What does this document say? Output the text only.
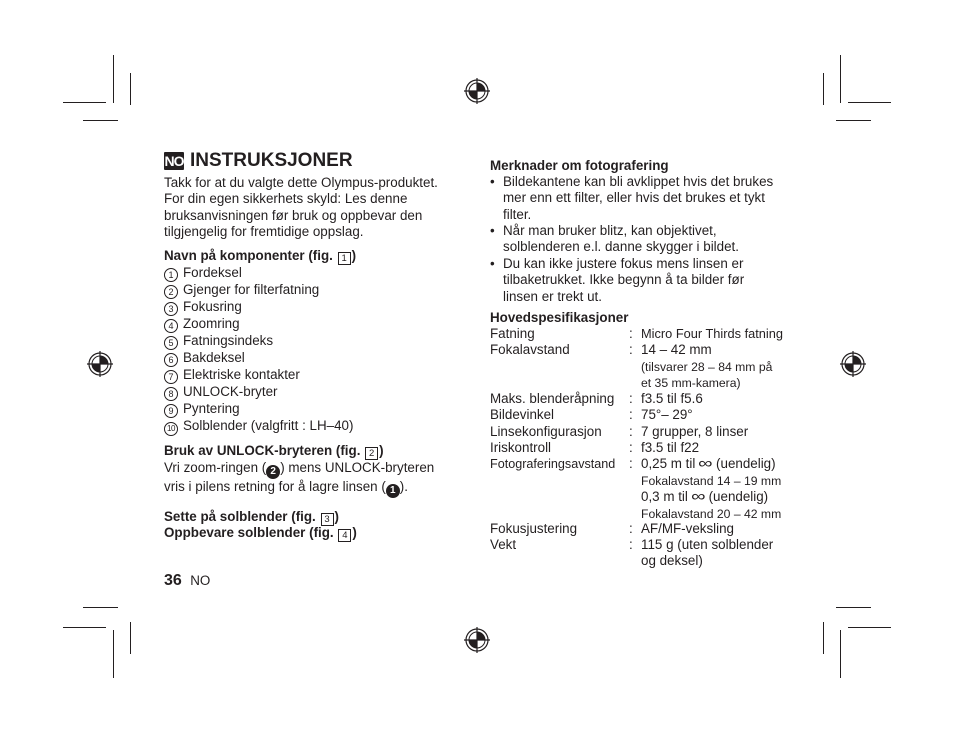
NO INSTRUKSJONER
Takk for at du valgte dette Olympus-produktet.
For din egen sikkerhets skyld: Les denne
bruksanvisningen før bruk og oppbevar den
tilgjengelig for fremtidige oppslag.
Navn på komponenter (fig. 1 )
1 Fordeksel
2 Gjenger for filterfatning
3 Fokusring
4 Zoomring
5 Fatningsindeks
6 Bakdeksel
7 Elektriske kontakter
8 UNLOCK-bryter
9 Pyntering
10 Solblender (valgfritt : LH–40)
Bruk av UNLOCK-bryteren (fig. 2 )
Vri zoom-ringen ( 2 ) mens UNLOCK-bryteren
vris i pilens retning for å lagre linsen ( 1 ).
Sette på solblender (fig. 3 )
Oppbevare solblender (fig. 4 )
36 NO
Merknader om fotografering
• Bildekantene kan bli avklippet hvis det brukes
mer enn ett filter, eller hvis det brukes et tykt
filter.
• Når man bruker blitz, kan objektivet,
solblenderen e.l. danne skygger i bildet.
• Du kan ikke justere fokus mens linsen er
tilbaketrukket. Ikke begynn å ta bilder før
linsen er trekt ut.
Hovedspesifikasjoner
Fatning	: Micro Four Thirds fatning
Fokalavstand	: 14 – 42 mm
(tilsvarer 28 – 84 mm på
et 35 mm-kamera)
Maks. blenderåpning : f3.5 til f5.6
Bildevinkel	: 75°– 29°
Linsekonfigurasjon : 7 grupper, 8 linser
Iriskontroll	: f3.5 til f22
Fotograferingsavstand : 0,25 m til ∞ (uendelig)
Fokalavstand 14 – 19 mm
0,3 m til ∞ (uendelig)
Fokalavstand 20 – 42 mm
Fokusjustering	: AF/MF-veksling
Vekt	: 115 g (uten solblender
og deksel)
